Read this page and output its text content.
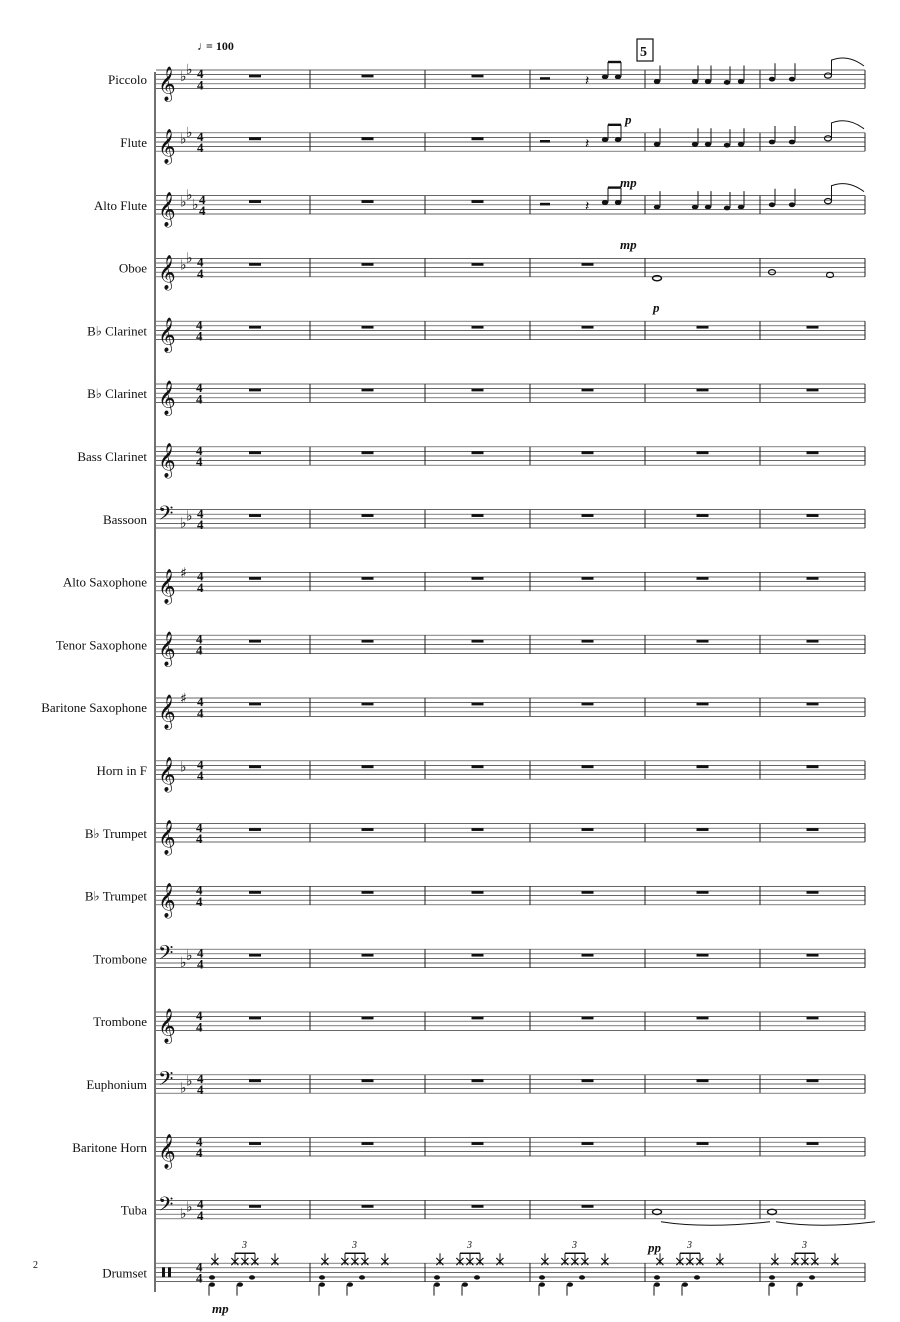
2
♩
= 100	5
Piccolo 𝄞 ♭ ♭ 4
4	𝄽
Flute 𝄞 ♭ ♭ 4
4	𝄽
Alto Flute 𝄞 ♭ ♭
♭ 4
4	𝄽
Oboe 𝄞 ♭ ♭ 4
4
B♭ Clarinet 𝄞 4
4
B♭ Clarinet 𝄞 4
4
Bass Clarinet 𝄞 4
4
Bassoon 𝄢 ♭ ♭ 4
4
Alto Saxophone 𝄞 ♯ 4
4
Tenor Saxophone 𝄞 4
4
Baritone Saxophone 𝄞 ♯ 4
4
Horn in F 𝄞 ♭ 4
4
B♭ Trumpet 𝄞 4
4
B♭ Trumpet 𝄞 4
4
Trombone 𝄢 ♭ ♭ 4
4
Trombone 𝄞 4
4
Euphonium 𝄢 ♭ ♭ 4
4
Baritone Horn 𝄞 4
4
Tuba 𝄢 ♭ ♭ 4
4
Drumset	4
4
× ×
×
× ×
3
× ×
×
× ×
3
× ×
×
× ×
3
× ×
×
× ×
3
× ×
×
× ×
3
× ×
×
× ×
3
p
mp
mp
p
pp
mp
